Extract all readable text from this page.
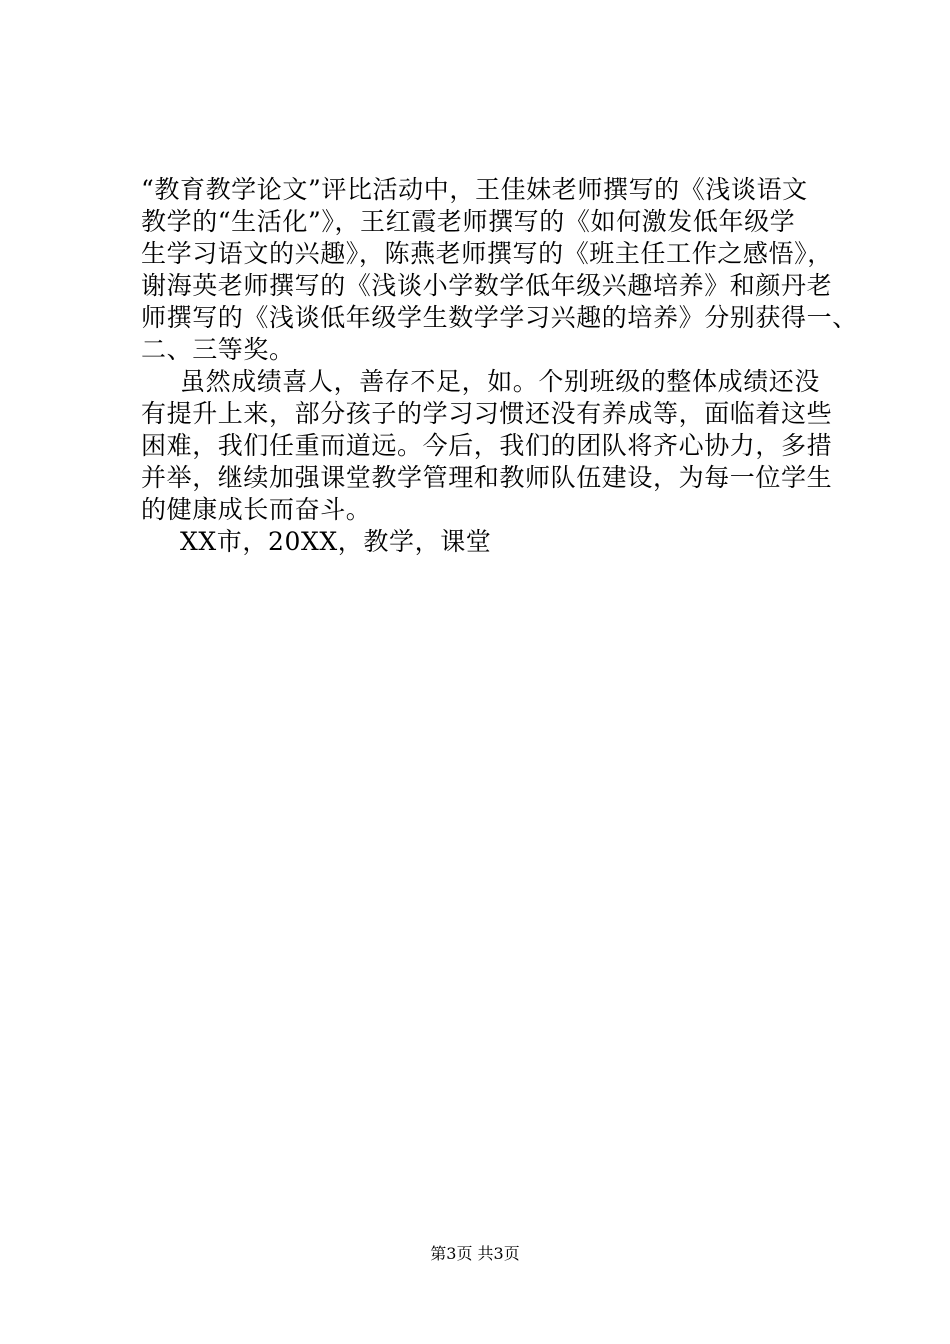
“教育教学论文”评比活动中，王佳妹老师撰写的《浅谈语文
教学的“生活化”》，王红霞老师撰写的《如何激发低年级学
生学习语文的兴趣》，陈燕老师撰写的《班主任工作之感悟》，
谢海英老师撰写的《浅谈小学数学低年级兴趣培养》和颜丹老
师撰写的《浅谈低年级学生数学学习兴趣的培养》分别获得一、
二、三等奖。
虽然成绩喜人，善存不足，如。个别班级的整体成绩还没
有提升上来，部分孩子的学习习惯还没有养成等，面临着这些
困难，我们任重而道远。今后，我们的团队将齐心协力，多措
并举，继续加强课堂教学管理和教师队伍建设，为每一位学生
的健康成长而奋斗。
XX市，20XX，教学，课堂
第3页 共3页
